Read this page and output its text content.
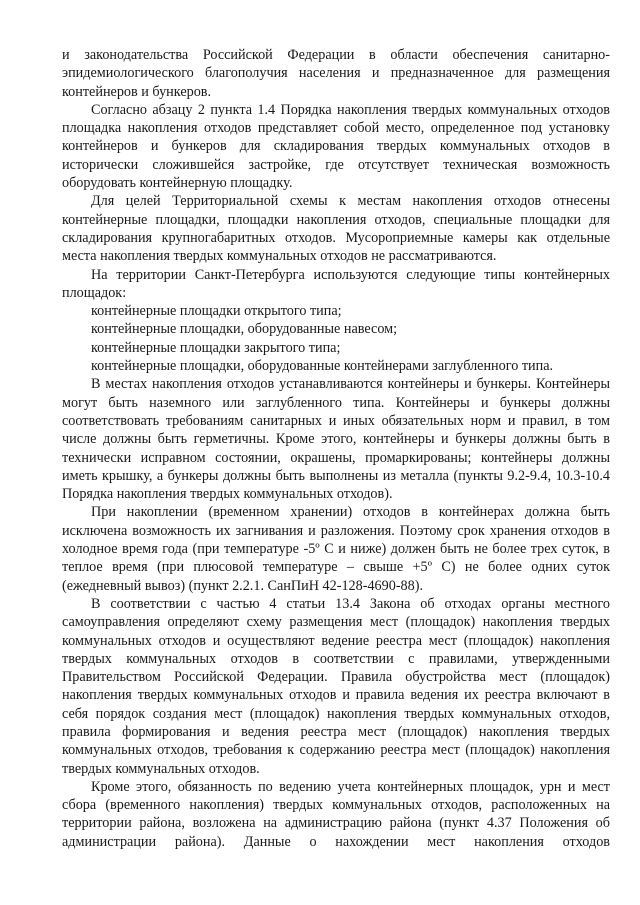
и законодательства Российской Федерации в области обеспечения санитарно-эпидемиологического благополучия населения и предназначенное для размещения контейнеров и бункеров.

Согласно абзацу 2 пункта 1.4 Порядка накопления твердых коммунальных отходов площадка накопления отходов представляет собой место, определенное под установку контейнеров и бункеров для складирования твердых коммунальных отходов в исторически сложившейся застройке, где отсутствует техническая возможность оборудовать контейнерную площадку.

Для целей Территориальной схемы к местам накопления отходов отнесены контейнерные площадки, площадки накопления отходов, специальные площадки для складирования крупногабаритных отходов. Мусороприемные камеры как отдельные места накопления твердых коммунальных отходов не рассматриваются.

На территории Санкт-Петербурга используются следующие типы контейнерных площадок:

контейнерные площадки открытого типа;

контейнерные площадки, оборудованные навесом;

контейнерные площадки закрытого типа;

контейнерные площадки, оборудованные контейнерами заглубленного типа.

В местах накопления отходов устанавливаются контейнеры и бункеры. Контейнеры могут быть наземного или заглубленного типа. Контейнеры и бункеры должны соответствовать требованиям санитарных и иных обязательных норм и правил, в том числе должны быть герметичны. Кроме этого, контейнеры и бункеры должны быть в технически исправном состоянии, окрашены, промаркированы; контейнеры должны иметь крышку, а бункеры должны быть выполнены из металла (пункты 9.2-9.4, 10.3-10.4 Порядка накопления твердых коммунальных отходов).

При накоплении (временном хранении) отходов в контейнерах должна быть исключена возможность их загнивания и разложения. Поэтому срок хранения отходов в холодное время года (при температуре -5º С и ниже) должен быть не более трех суток, в теплое время (при плюсовой температуре – свыше +5º С) не более одних суток (ежедневный вывоз) (пункт 2.2.1. СанПиН 42-128-4690-88).

В соответствии с частью 4 статьи 13.4 Закона об отходах органы местного самоуправления определяют схему размещения мест (площадок) накопления твердых коммунальных отходов и осуществляют ведение реестра мест (площадок) накопления твердых коммунальных отходов в соответствии с правилами, утвержденными Правительством Российской Федерации. Правила обустройства мест (площадок) накопления твердых коммунальных отходов и правила ведения их реестра включают в себя порядок создания мест (площадок) накопления твердых коммунальных отходов, правила формирования и ведения реестра мест (площадок) накопления твердых коммунальных отходов, требования к содержанию реестра мест (площадок) накопления твердых коммунальных отходов.

Кроме этого, обязанность по ведению учета контейнерных площадок, урн и мест сбора (временного накопления) твердых коммунальных отходов, расположенных на территории района, возложена на администрацию района (пункт 4.37 Положения об администрации района). Данные о нахождении мест накопления отходов
